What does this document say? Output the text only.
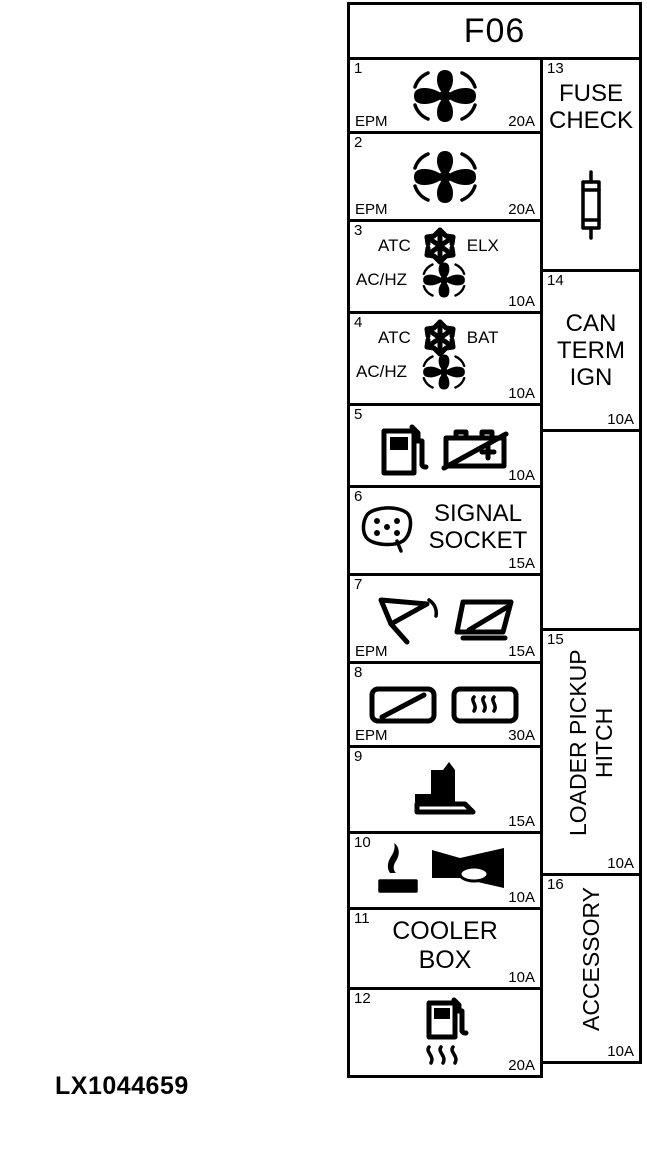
F06
1
EPM	20A
2
EPM	20A
3
ATC	ELX
AC/HZ
10A
4
ATC	BAT
AC/HZ
10A
5
10A
6
SIGNAL SOCKET
15A
7
EPM	15A
8
EPM	30A
9
15A
10
10A
11 COOLER BOX
10A
12
20A
13
FUSE CHECK
14
CAN TERM IGN
10A
15
LOADER PICKUP HITCH
10A
16
ACCESSORY
10A
LX1044659
